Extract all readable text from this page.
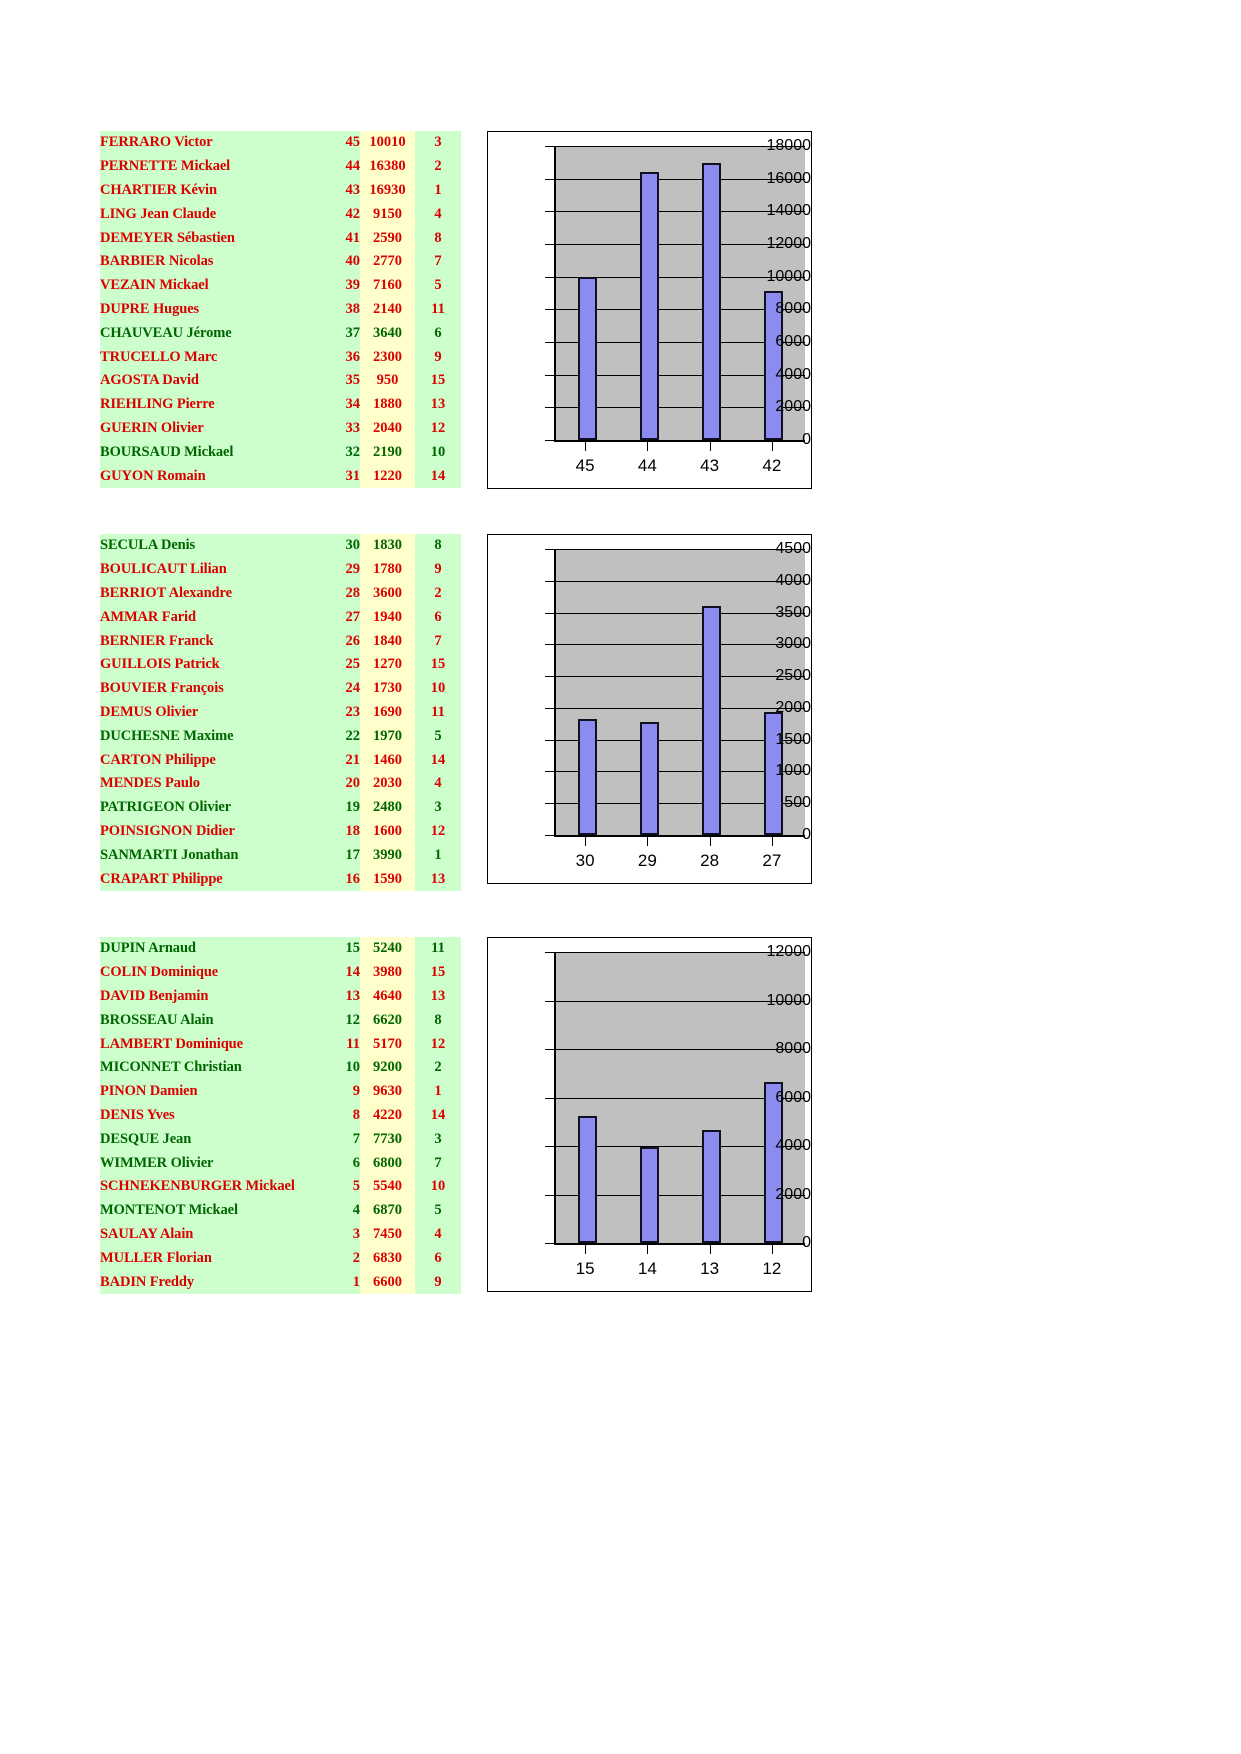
FERRARO Victor	45	10010	3
PERNETTE Mickael	44	16380	2
CHARTIER Kévin	43	16930	1
LING Jean Claude	42	9150	4
DEMEYER Sébastien	41	2590	8
BARBIER Nicolas	40	2770	7
VEZAIN Mickael	39	7160	5
DUPRE Hugues	38	2140	11
CHAUVEAU Jérome	37	3640	6
TRUCELLO Marc	36	2300	9
AGOSTA David	35	950	15
RIEHLING Pierre	34	1880	13
GUERIN Olivier	33	2040	12
BOURSAUD Mickael	32	2190	10
GUYON Romain	31	1220	14
0
2000
4000
6000
8000
10000
12000
14000
16000
18000
45	44	43	42
SECULA Denis	30	1830	8
BOULICAUT Lilian	29	1780	9
BERRIOT Alexandre	28	3600	2
AMMAR Farid	27	1940	6
BERNIER Franck	26	1840	7
GUILLOIS Patrick	25	1270	15
BOUVIER François	24	1730	10
DEMUS Olivier	23	1690	11
DUCHESNE Maxime	22	1970	5
CARTON Philippe	21	1460	14
MENDES Paulo	20	2030	4
PATRIGEON Olivier	19	2480	3
POINSIGNON Didier	18	1600	12
SANMARTI Jonathan	17	3990	1
CRAPART Philippe	16	1590	13
0
500
1000
1500
2000
2500
3000
3500
4000
4500
30	29	28	27
DUPIN Arnaud	15	5240	11
COLIN Dominique	14	3980	15
DAVID Benjamin	13	4640	13
BROSSEAU Alain	12	6620	8
LAMBERT Dominique	11	5170	12
MICONNET Christian	10	9200	2
PINON Damien	9	9630	1
DENIS Yves	8	4220	14
DESQUE Jean	7	7730	3
WIMMER Olivier	6	6800	7
SCHNEKENBURGER Mickael	5	5540	10
MONTENOT Mickael	4	6870	5
SAULAY Alain	3	7450	4
MULLER Florian	2	6830	6
BADIN Freddy	1	6600	9
0
2000
4000
6000
8000
10000
12000
15	14	13	12
